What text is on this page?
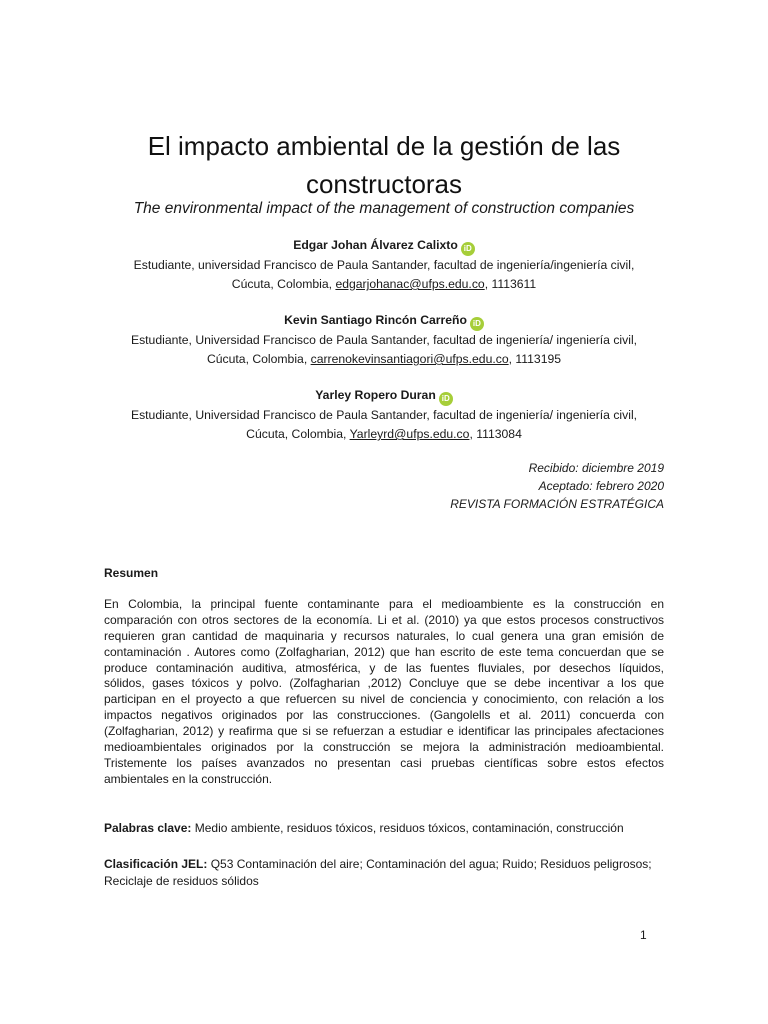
El impacto ambiental de la gestión de las
constructoras
The environmental impact of the management of construction companies
Edgar Johan Álvarez Calixto iD
Estudiante, universidad Francisco de Paula Santander, facultad de ingeniería/ingeniería civil,
Cúcuta, Colombia, edgarjohanac@ufps.edu.co, 1113611
Kevin Santiago Rincón Carreño iD
Estudiante, Universidad Francisco de Paula Santander, facultad de ingeniería/ ingeniería civil,
Cúcuta, Colombia, carrenokevinsantiagori@ufps.edu.co, 1113195
Yarley Ropero Duran iD
Estudiante, Universidad Francisco de Paula Santander, facultad de ingeniería/ ingeniería civil,
Cúcuta, Colombia, Yarleyrd@ufps.edu.co, 1113084
Recibido: diciembre 2019
Aceptado: febrero 2020
REVISTA FORMACIÓN ESTRATÉGICA
Resumen
En Colombia, la principal fuente contaminante para el medioambiente es la construcción en
comparación con otros sectores de la economía. Li et al. (2010) ya que estos procesos constructivos
requieren gran cantidad de maquinaria y recursos naturales, lo cual genera una gran emisión de
contaminación . Autores como (Zolfagharian, 2012) que han escrito de este tema concuerdan que se
produce contaminación auditiva, atmosférica, y de las fuentes fluviales, por desechos líquidos,
sólidos, gases tóxicos y polvo. (Zolfagharian ,2012) Concluye que se debe incentivar a los que
participan en el proyecto a que refuercen su nivel de conciencia y conocimiento, con relación a los
impactos negativos originados por las construcciones. (Gangolells et al. 2011) concuerda con
(Zolfagharian, 2012) y reafirma que si se refuerzan a estudiar e identificar las principales afectaciones
medioambientales originados por la construcción se mejora la administración medioambiental.
Tristemente los países avanzados no presentan casi pruebas científicas sobre estos efectos
ambientales en la construcción.
Palabras clave: Medio ambiente, residuos tóxicos, residuos tóxicos, contaminación, construcción
Clasificación JEL: Q53 Contaminación del aire; Contaminación del agua; Ruido; Residuos peligrosos;
Reciclaje de residuos sólidos
1
